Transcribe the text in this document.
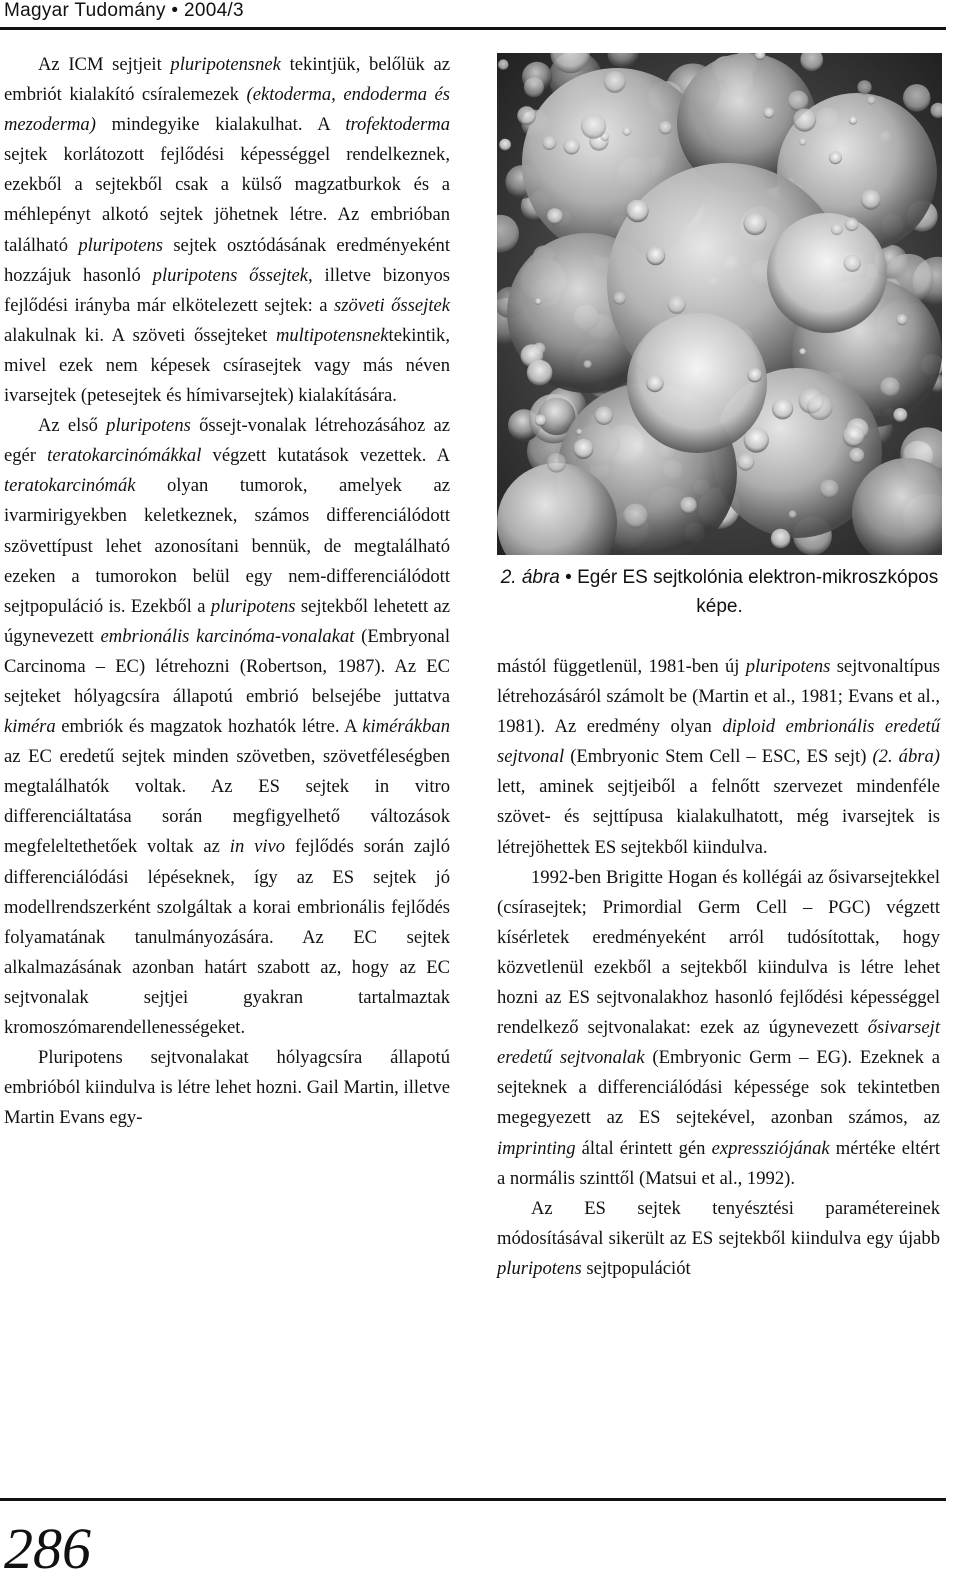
Magyar Tudomány • 2004/3

Az ICM sejtjeit pluripotensnek tekintjük, belőlük az embriót kialakító csíralemezek (ektoderma, endoderma és mezoderma) mindegyike kialakulhat. A trofektoderma sejtek korlátozott fejlődési képességgel rendelkeznek, ezekből a sejtekből csak a külső magzatburkok és a méhlepényt alkotó sejtek jöhetnek létre. Az embrióban található pluripotens sejtek osztódásának eredményeként hozzájuk hasonló pluripotens őssejtek, illetve bizonyos fejlődési irányba már elkötelezett sejtek: a szöveti őssejtek alakulnak ki. A szöveti őssejteket multipotensnektekintik, mivel ezek nem képesek csírasejtek vagy más néven ivarsejtek (petesejtek és hímivarsejtek) kialakítására.

Az első pluripotens őssejt-vonalak létrehozásához az egér teratokarcinómákkal végzett kutatások vezettek. A teratokarcinómák olyan tumorok, amelyek az ivarmirigyekben keletkeznek, számos differenciálódott szövettípust lehet azonosítani bennük, de megtalálható ezeken a tumorokon belül egy nem-differenciálódott sejtpopuláció is. Ezekből a pluripotens sejtekből lehetett az úgynevezett embrionális karcinóma-vonalakat (Embryonal Carcinoma – EC) létrehozni (Robertson, 1987). Az EC sejteket hólyagcsíra állapotú embrió belsejébe juttatva kiméra embriók és magzatok hozhatók létre. A kimérákban az EC eredetű sejtek minden szövetben, szövetféleségben megtalálhatók voltak. Az ES sejtek in vitro differenciáltatása során megfigyelhető változások megfeleltethetőek voltak az in vivo fejlődés során zajló differenciálódási lépéseknek, így az ES sejtek jó modellrendszerként szolgáltak a korai embrionális fejlődés folyamatának tanulmányozására. Az EC sejtek alkalmazásának azonban határt szabott az, hogy az EC sejtvonalak sejtjei gyakran tartalmaztak kromoszómarendellenességeket.

Pluripotens sejtvonalakat hólyagcsíra állapotú embrióból kiindulva is létre lehet hozni. Gail Martin, illetve Martin Evans egy-

2. ábra • Egér ES sejtkolónia elektron-mikroszkópos képe.

mástól függetlenül, 1981-ben új pluripotens sejtvonaltípus létrehozásáról számolt be (Martin et al., 1981; Evans et al., 1981). Az eredmény olyan diploid embrionális eredetű sejtvonal (Embryonic Stem Cell – ESC, ES sejt) (2. ábra) lett, aminek sejtjeiből a felnőtt szervezet mindenféle szövet- és sejttípusa kialakulhatott, még ivarsejtek is létrejöhettek ES sejtekből kiindulva.

1992-ben Brigitte Hogan és kollégái az ősivarsejtekkel (csírasejtek; Primordial Germ Cell – PGC) végzett kísérletek eredményeként arról tudósítottak, hogy közvetlenül ezekből a sejtekből kiindulva is létre lehet hozni az ES sejtvonalakhoz hasonló fejlődési képességgel rendelkező sejtvonalakat: ezek az úgynevezett ősivarsejt eredetű sejtvonalak (Embryonic Germ – EG). Ezeknek a sejteknek a differenciálódási képessége sok tekintetben megegyezett az ES sejtekével, azonban számos, az imprinting által érintett gén expressziójának mértéke eltért a normális szinttől (Matsui et al., 1992).

Az ES sejtek tenyésztési paramétereinek módosításával sikerült az ES sejtekből kiindulva egy újabb pluripotens sejtpopulációt

286
